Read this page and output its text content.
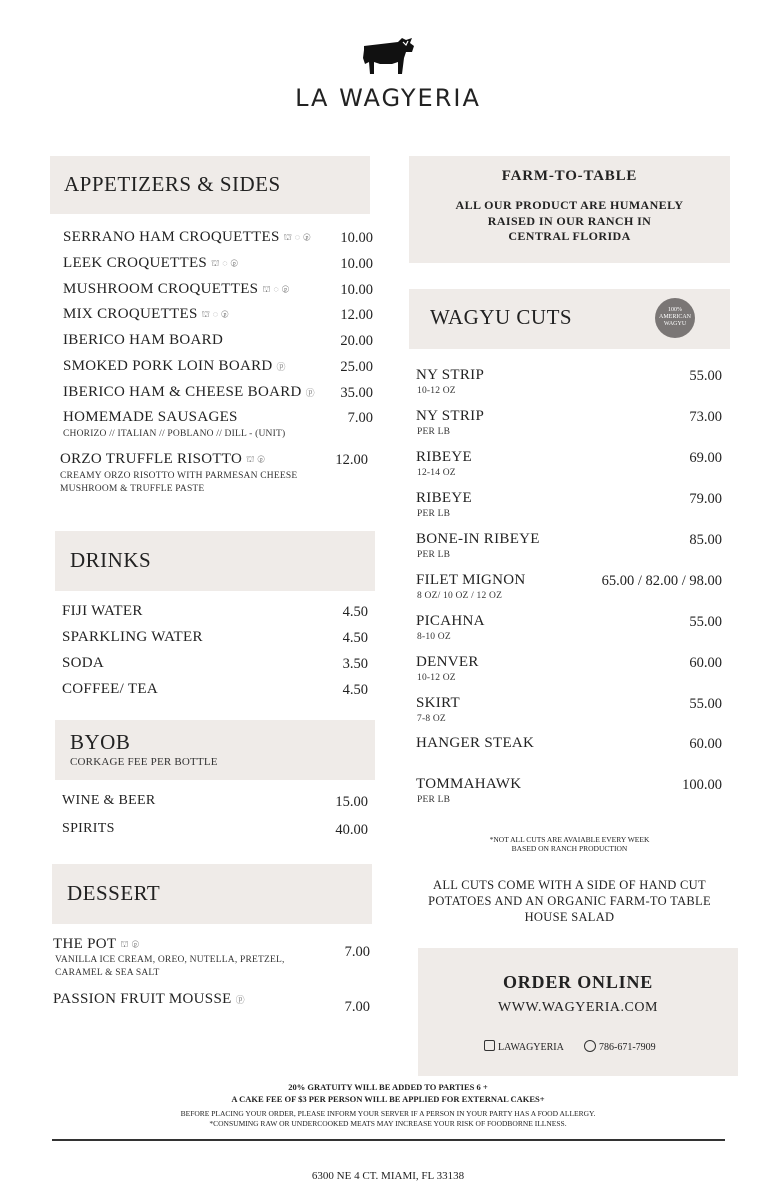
LA WAGYERIA
APPETIZERS & SIDES
SERRANO HAM CROQUETTES ⛫ ◌ ⓟ 10.00
LEEK CROQUETTES ⛫ ◌ ⓟ	10.00
MUSHROOM CROQUETTES ⛫ ◌ ⓟ	10.00
MIX CROQUETTES ⛫ ◌ ⓟ	12.00
IBERICO HAM BOARD	20.00
SMOKED PORK LOIN BOARD ⓟ	25.00
IBERICO HAM & CHEESE BOARD ⓟ 35.00
HOMEMADE SAUSAGES	7.00
CHORIZO // ITALIAN // POBLANO // DILL - (UNIT)
ORZO TRUFFLE RISOTTO ⛫ ⓟ	12.00
CREAMY ORZO RISOTTO WITH PARMESAN CHEESE
MUSHROOM & TRUFFLE PASTE
DRINKS
FIJI WATER	4.50
SPARKLING WATER	4.50
SODA	3.50
COFFEE/ TEA	4.50
BYOB
CORKAGE FEE PER BOTTLE
WINE & BEER	15.00
SPIRITS	40.00
DESSERT
THE POT ⛫ ⓟ
7.00
VANILLA ICE CREAM, OREO, NUTELLA, PRETZEL,
CARAMEL & SEA SALT
PASSION FRUIT MOUSSE ⓟ	7.00
FARM-TO-TABLE
ALL OUR PRODUCT ARE HUMANELY
RAISED IN OUR RANCH IN
CENTRAL FLORIDA
WAGYU CUTS	100%
AMERICAN
WAGYU
NY STRIP	55.00
10-12 OZ
NY STRIP	73.00
PER LB
RIBEYE	69.00
12-14 OZ
RIBEYE	79.00
PER LB
BONE-IN RIBEYE	85.00
PER LB
FILET MIGNON	65.00 / 82.00 / 98.00
8 OZ/ 10 OZ / 12 OZ
PICAHNA	55.00
8-10 OZ
DENVER	60.00
10-12 OZ
SKIRT	55.00
7-8 OZ
HANGER STEAK	60.00
TOMMAHAWK	100.00
PER LB
*NOT ALL CUTS ARE AVAIABLE EVERY WEEK
BASED ON RANCH PRODUCTION
ALL CUTS COME WITH A SIDE OF HAND CUT
POTATOES AND AN ORGANIC FARM-TO TABLE
HOUSE SALAD
ORDER ONLINE
WWW.WAGYERIA.COM
LAWAGYERIA	786-671-7909
20% GRATUITY WILL BE ADDED TO PARTIES 6 +
A CAKE FEE OF $3 PER PERSON WILL BE APPLIED FOR EXTERNAL CAKES+
BEFORE PLACING YOUR ORDER, PLEASE INFORM YOUR SERVER IF A PERSON IN YOUR PARTY HAS A FOOD ALLERGY.
*CONSUMING RAW OR UNDERCOOKED MEATS MAY INCREASE YOUR RISK OF FOODBORNE ILLNESS.
6300 NE 4 CT. MIAMI, FL 33138
